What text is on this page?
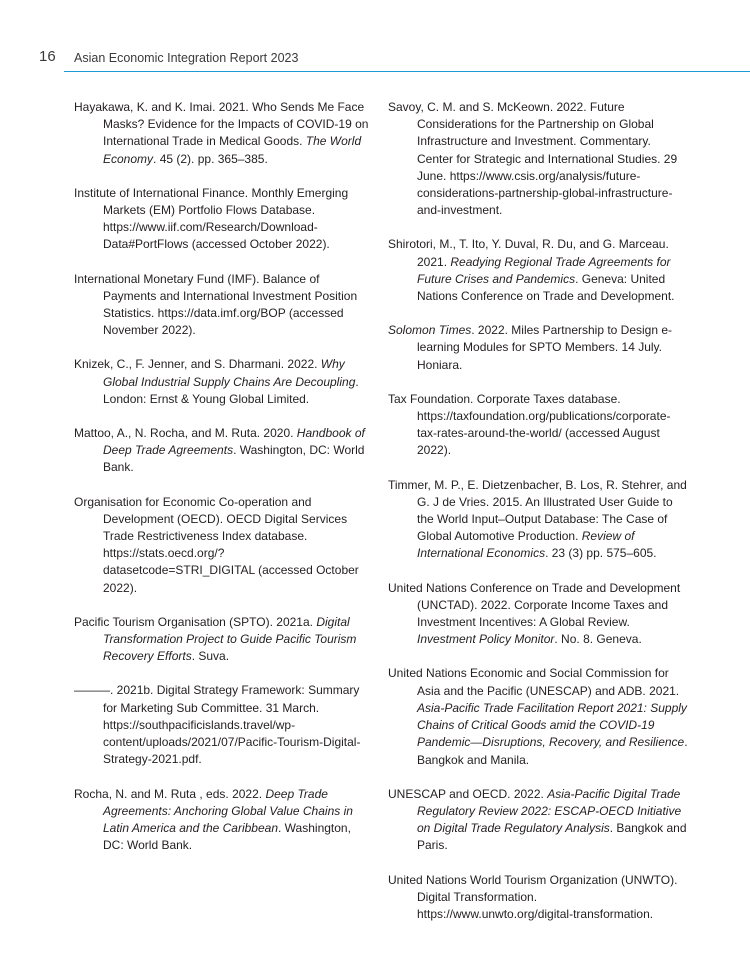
16 Asian Economic Integration Report 2023

Hayakawa, K. and K. Imai. 2021. Who Sends Me Face Masks? Evidence for the Impacts of COVID-19 on International Trade in Medical Goods. The World Economy. 45 (2). pp. 365–385.

Institute of International Finance. Monthly Emerging Markets (EM) Portfolio Flows Database. https://www.iif.com/Research/Download-Data#PortFlows (accessed October 2022).

International Monetary Fund (IMF). Balance of Payments and International Investment Position Statistics. https://data.imf.org/BOP (accessed November 2022).

Knizek, C., F. Jenner, and S. Dharmani. 2022. Why Global Industrial Supply Chains Are Decoupling. London: Ernst & Young Global Limited.

Mattoo, A., N. Rocha, and M. Ruta. 2020. Handbook of Deep Trade Agreements. Washington, DC: World Bank.

Organisation for Economic Co-operation and Development (OECD). OECD Digital Services Trade Restrictiveness Index database. https://stats.oecd.org/?datasetcode=STRI_DIGITAL (accessed October 2022).

Pacific Tourism Organisation (SPTO). 2021a. Digital Transformation Project to Guide Pacific Tourism Recovery Efforts. Suva.

———. 2021b. Digital Strategy Framework: Summary for Marketing Sub Committee. 31 March. https://southpacificislands.travel/wp-content/uploads/2021/07/Pacific-Tourism-Digital-Strategy-2021.pdf.

Rocha, N. and M. Ruta , eds. 2022. Deep Trade Agreements: Anchoring Global Value Chains in Latin America and the Caribbean. Washington, DC: World Bank.

Savoy, C. M. and S. McKeown. 2022. Future Considerations for the Partnership on Global Infrastructure and Investment. Commentary. Center for Strategic and International Studies. 29 June. https://www.csis.org/analysis/future-considerations-partnership-global-infrastructure-and-investment.

Shirotori, M., T. Ito, Y. Duval, R. Du, and G. Marceau. 2021. Readying Regional Trade Agreements for Future Crises and Pandemics. Geneva: United Nations Conference on Trade and Development.

Solomon Times. 2022. Miles Partnership to Design e-learning Modules for SPTO Members. 14 July. Honiara.

Tax Foundation. Corporate Taxes database. https://taxfoundation.org/publications/corporate-tax-rates-around-the-world/ (accessed August 2022).

Timmer, M. P., E. Dietzenbacher, B. Los, R. Stehrer, and G. J de Vries. 2015. An Illustrated User Guide to the World Input–Output Database: The Case of Global Automotive Production. Review of International Economics. 23 (3) pp. 575–605.

United Nations Conference on Trade and Development (UNCTAD). 2022. Corporate Income Taxes and Investment Incentives: A Global Review. Investment Policy Monitor. No. 8. Geneva.

United Nations Economic and Social Commission for Asia and the Pacific (UNESCAP) and ADB. 2021. Asia-Pacific Trade Facilitation Report 2021: Supply Chains of Critical Goods amid the COVID-19 Pandemic—Disruptions, Recovery, and Resilience. Bangkok and Manila.

UNESCAP and OECD. 2022. Asia-Pacific Digital Trade Regulatory Review 2022: ESCAP-OECD Initiative on Digital Trade Regulatory Analysis. Bangkok and Paris.

United Nations World Tourism Organization (UNWTO). Digital Transformation. https://www.unwto.org/digital-transformation.
